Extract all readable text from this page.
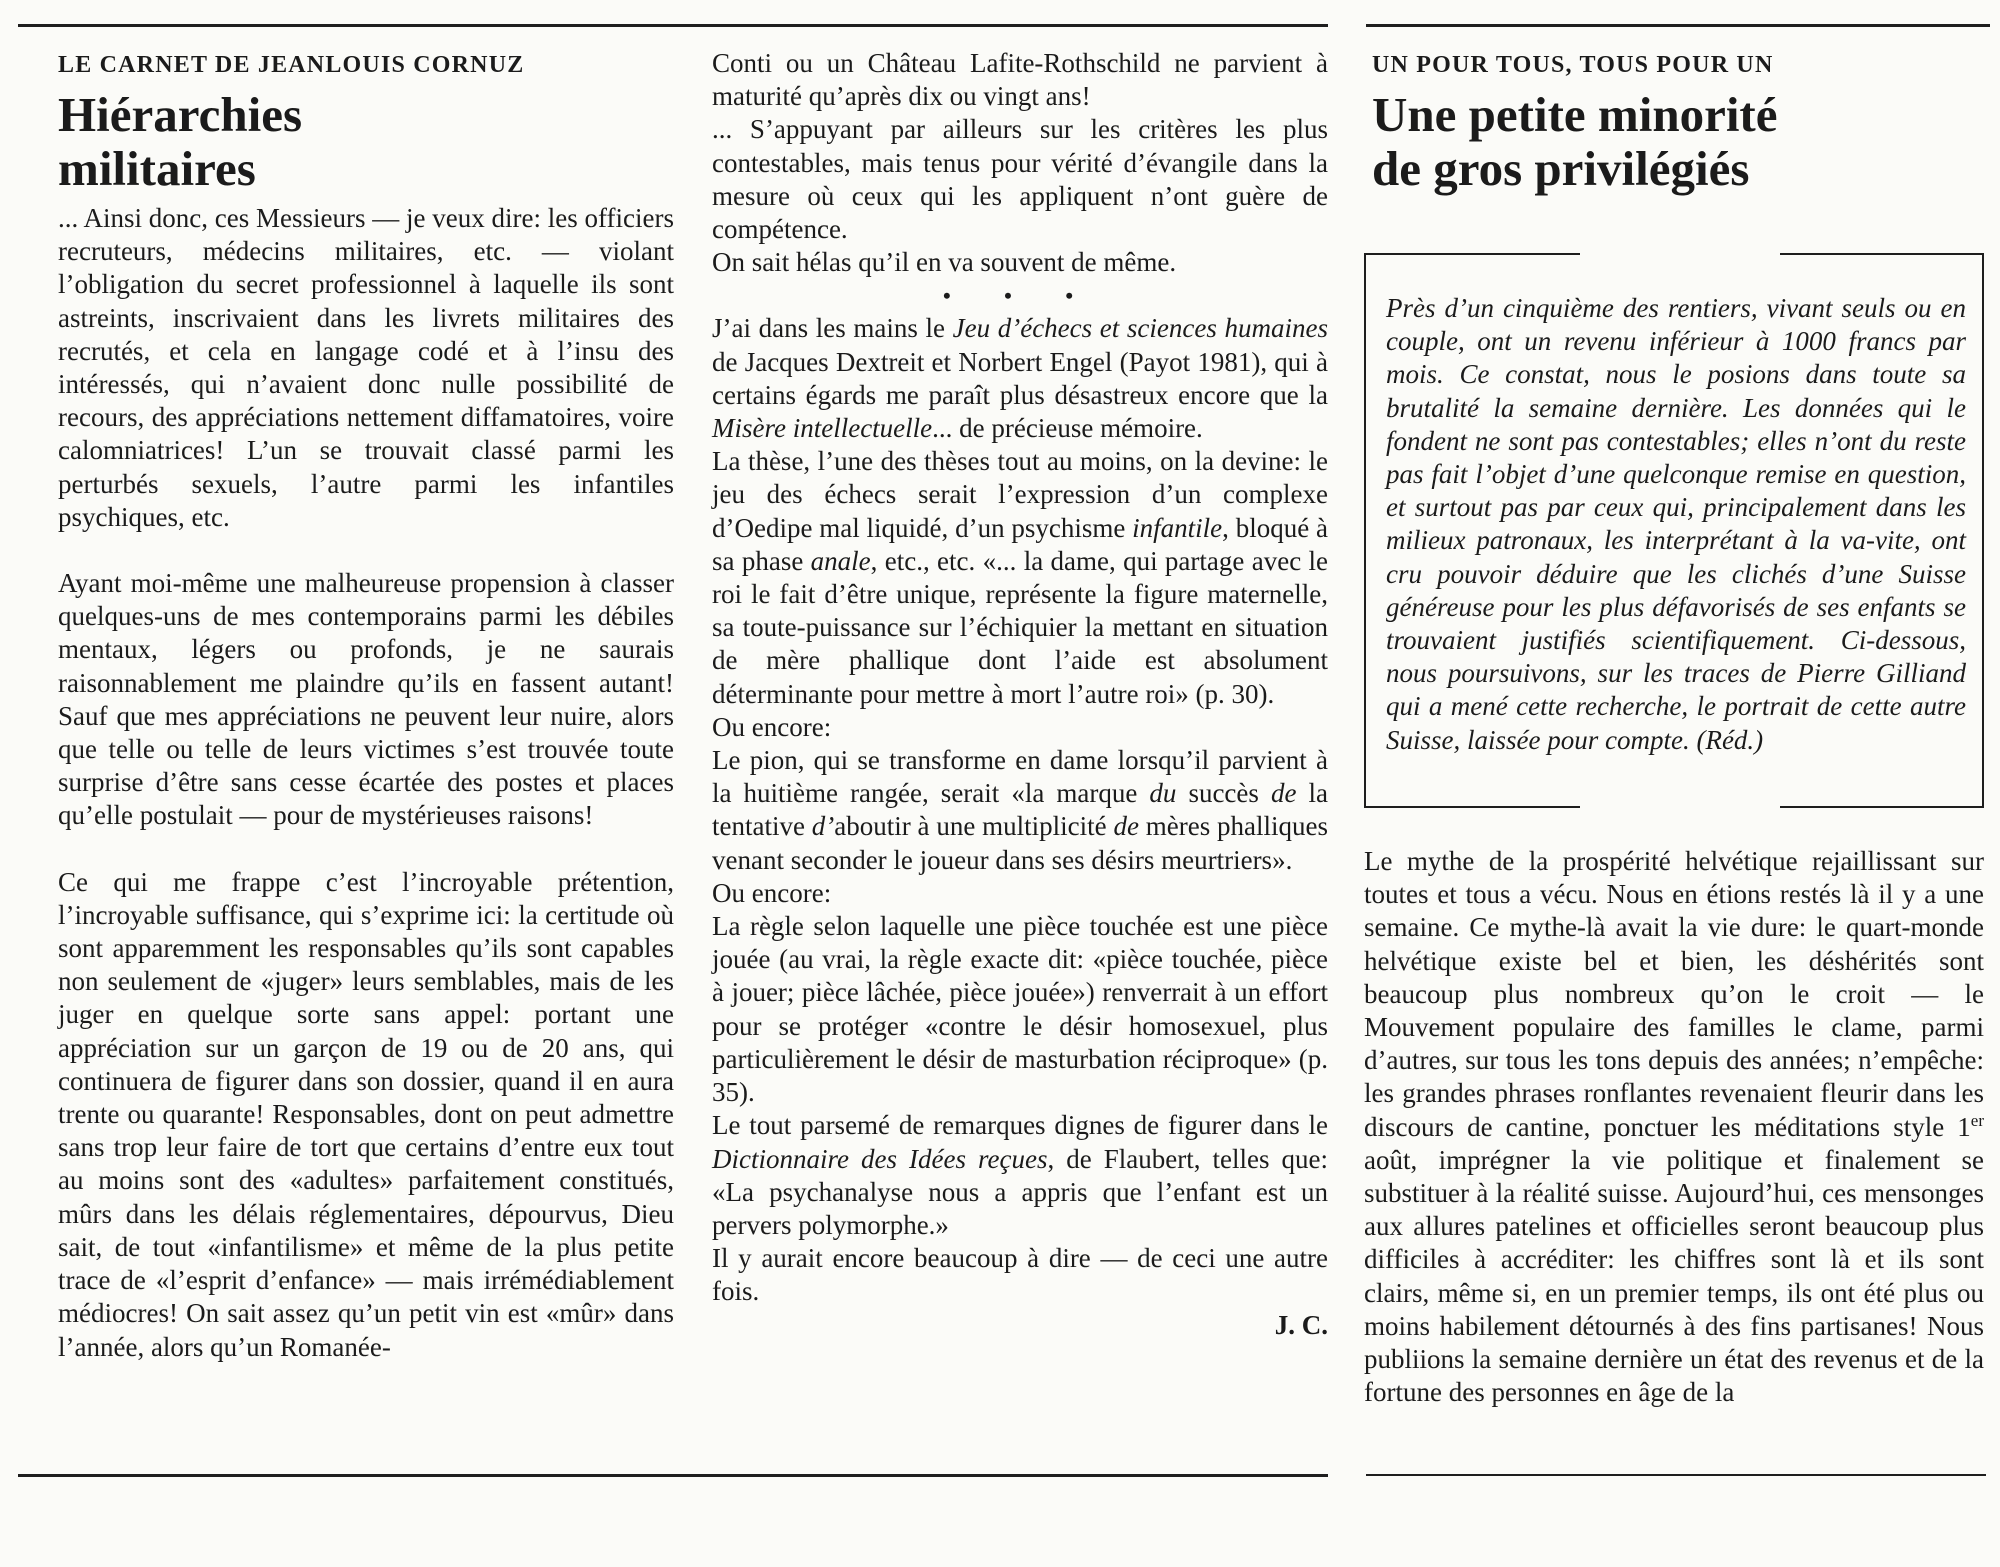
LE CARNET DE JEANLOUIS CORNUZ

Hiérarchies
militaires

... Ainsi donc, ces Messieurs — je veux dire: les officiers recruteurs, médecins militaires, etc. — violant l’obligation du secret professionnel à laquelle ils sont astreints, inscrivaient dans les livrets militaires des recrutés, et cela en langage codé et à l’insu des intéressés, qui n’avaient donc nulle possibilité de recours, des appréciations nettement diffamatoires, voire calomniatrices! L’un se trouvait classé parmi les perturbés sexuels, l’autre parmi les infantiles psychiques, etc.

Ayant moi-même une malheureuse propension à classer quelques-uns de mes contemporains parmi les débiles mentaux, légers ou profonds, je ne saurais raisonnablement me plaindre qu’ils en fassent autant! Sauf que mes appréciations ne peuvent leur nuire, alors que telle ou telle de leurs victimes s’est trouvée toute surprise d’être sans cesse écartée des postes et places qu’elle postulait — pour de mystérieuses raisons!

Ce qui me frappe c’est l’incroyable prétention, l’incroyable suffisance, qui s’exprime ici: la certitude où sont apparemment les responsables qu’ils sont capables non seulement de «juger» leurs semblables, mais de les juger en quelque sorte sans appel: portant une appréciation sur un garçon de 19 ou de 20 ans, qui continuera de figurer dans son dossier, quand il en aura trente ou quarante! Responsables, dont on peut admettre sans trop leur faire de tort que certains d’entre eux tout au moins sont des «adultes» parfaitement constitués, mûrs dans les délais réglementaires, dépourvus, Dieu sait, de tout «infantilisme» et même de la plus petite trace de «l’esprit d’enfance» — mais irrémédiablement médiocres! On sait assez qu’un petit vin est «mûr» dans l’année, alors qu’un Romanée-

Conti ou un Château Lafite-Rothschild ne parvient à maturité qu’après dix ou vingt ans!

... S’appuyant par ailleurs sur les critères les plus contestables, mais tenus pour vérité d’évangile dans la mesure où ceux qui les appliquent n’ont guère de compétence.

On sait hélas qu’il en va souvent de même.

• • •

J’ai dans les mains le Jeu d’échecs et sciences humaines de Jacques Dextreit et Norbert Engel (Payot 1981), qui à certains égards me paraît plus désastreux encore que la Misère intellectuelle... de précieuse mémoire.

La thèse, l’une des thèses tout au moins, on la devine: le jeu des échecs serait l’expression d’un complexe d’Oedipe mal liquidé, d’un psychisme infantile, bloqué à sa phase anale, etc., etc. «... la dame, qui partage avec le roi le fait d’être unique, représente la figure maternelle, sa toute-puissance sur l’échiquier la mettant en situation de mère phallique dont l’aide est absolument déterminante pour mettre à mort l’autre roi» (p. 30).

Ou encore:

Le pion, qui se transforme en dame lorsqu’il parvient à la huitième rangée, serait «la marque du succès de la tentative d’aboutir à une multiplicité de mères phalliques venant seconder le joueur dans ses désirs meurtriers».

Ou encore:

La règle selon laquelle une pièce touchée est une pièce jouée (au vrai, la règle exacte dit: «pièce touchée, pièce à jouer; pièce lâchée, pièce jouée») renverrait à un effort pour se protéger «contre le désir homosexuel, plus particulièrement le désir de masturbation réciproque» (p. 35).

Le tout parsemé de remarques dignes de figurer dans le Dictionnaire des Idées reçues, de Flaubert, telles que: «La psychanalyse nous a appris que l’enfant est un pervers polymorphe.»

Il y aurait encore beaucoup à dire — de ceci une autre fois.

J. C.

UN POUR TOUS, TOUS POUR UN

Une petite minorité
de gros privilégiés

Près d’un cinquième des rentiers, vivant seuls ou en couple, ont un revenu inférieur à 1000 francs par mois. Ce constat, nous le posions dans toute sa brutalité la semaine dernière. Les données qui le fondent ne sont pas contestables; elles n’ont du reste pas fait l’objet d’une quelconque remise en question, et surtout pas par ceux qui, principalement dans les milieux patronaux, les interprétant à la va-vite, ont cru pouvoir déduire que les clichés d’une Suisse généreuse pour les plus défavorisés de ses enfants se trouvaient justifiés scientifiquement. Ci-dessous, nous poursuivons, sur les traces de Pierre Gilliand qui a mené cette recherche, le portrait de cette autre Suisse, laissée pour compte. (Réd.)

Le mythe de la prospérité helvétique rejaillissant sur toutes et tous a vécu. Nous en étions restés là il y a une semaine. Ce mythe-là avait la vie dure: le quart-monde helvétique existe bel et bien, les déshérités sont beaucoup plus nombreux qu’on le croit — le Mouvement populaire des familles le clame, parmi d’autres, sur tous les tons depuis des années; n’empêche: les grandes phrases ronflantes revenaient fleurir dans les discours de cantine, ponctuer les méditations style 1er août, imprégner la vie politique et finalement se substituer à la réalité suisse. Aujourd’hui, ces mensonges aux allures patelines et officielles seront beaucoup plus difficiles à accréditer: les chiffres sont là et ils sont clairs, même si, en un premier temps, ils ont été plus ou moins habilement détournés à des fins partisanes! Nous publiions la semaine dernière un état des revenus et de la fortune des personnes en âge de la
